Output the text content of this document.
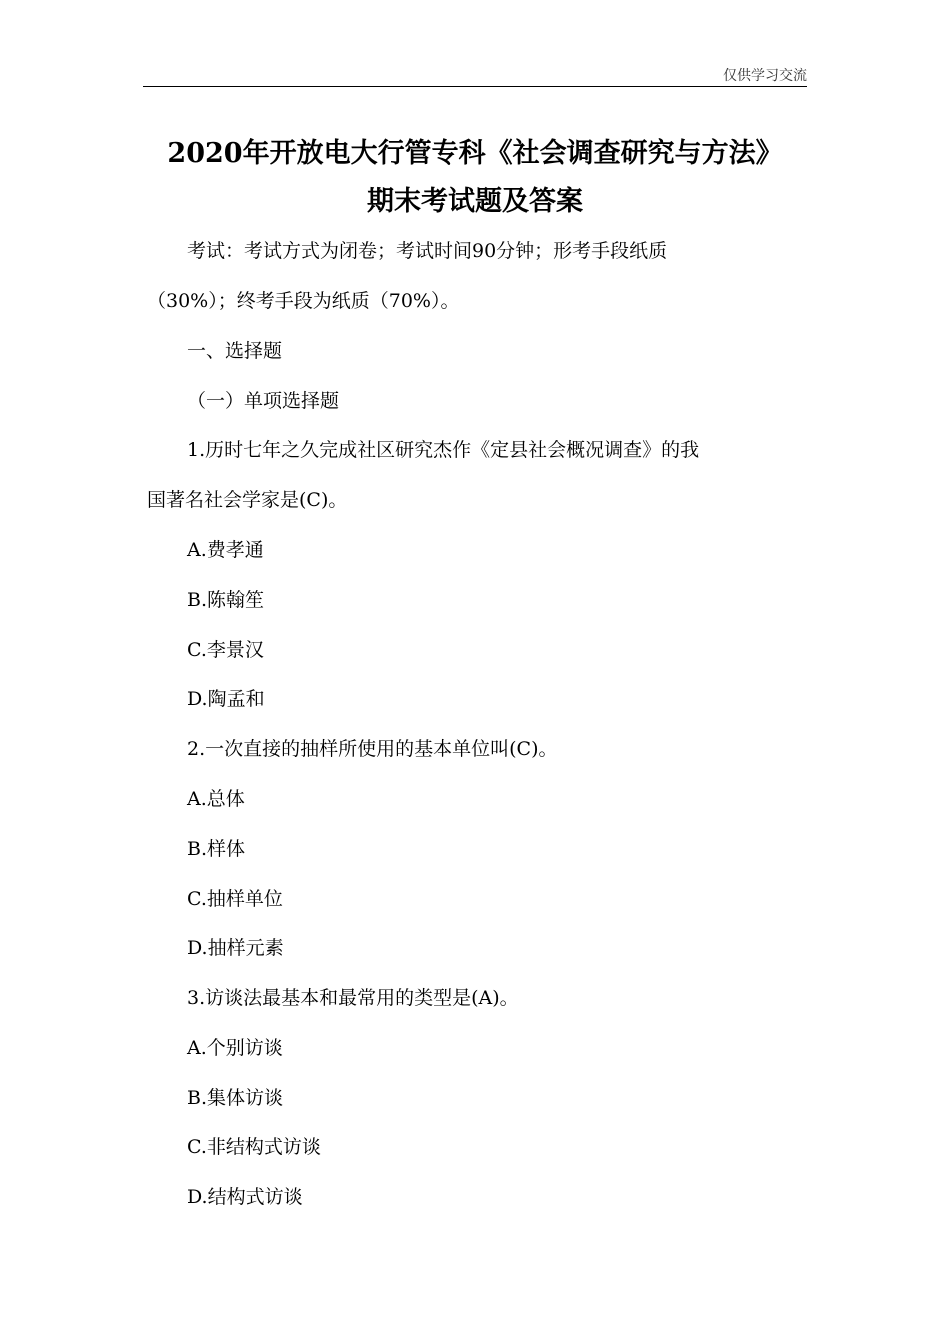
仅供学习交流
2020年开放电大行管专科《社会调查研究与方法》
期末考试题及答案
考试：考试方式为闭卷；考试时间90分钟；形考手段纸质
（30%）；终考手段为纸质（70%）。
一、选择题
（一）单项选择题
1.历时七年之久完成社区研究杰作《定县社会概况调查》的我
国著名社会学家是(C)。
A.费孝通
B.陈翰笙
C.李景汉
D.陶孟和
2.一次直接的抽样所使用的基本单位叫(C)。
A.总体
B.样体
C.抽样单位
D.抽样元素
3.访谈法最基本和最常用的类型是(A)。
A.个别访谈
B.集体访谈
C.非结构式访谈
D.结构式访谈
